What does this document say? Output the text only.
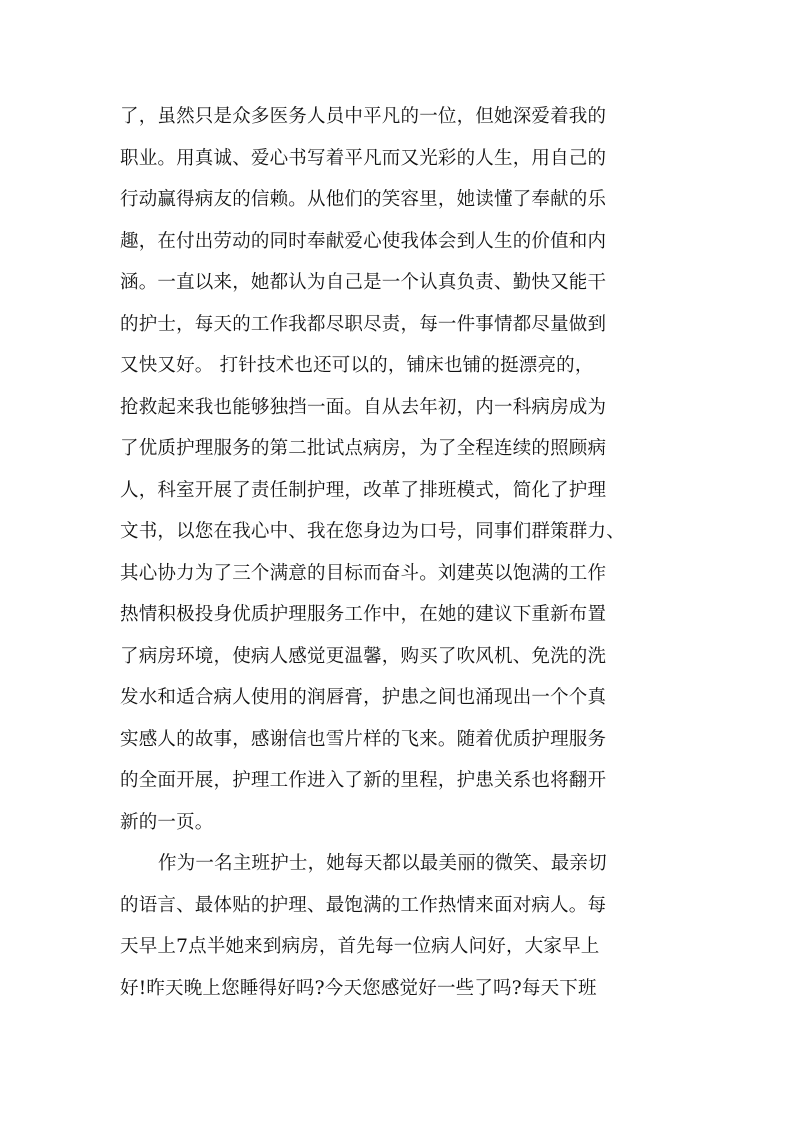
了，虽然只是众多医务人员中平凡的一位，但她深爱着我的
职业。用真诚、爱心书写着平凡而又光彩的人生，用自己的
行动赢得病友的信赖。从他们的笑容里，她读懂了奉献的乐
趣，在付出劳动的同时奉献爱心使我体会到人生的价值和内
涵。一直以来，她都认为自己是一个认真负责、勤快又能干
的护士，每天的工作我都尽职尽责，每一件事情都尽量做到
又快又好。 打针技术也还可以的，铺床也铺的挺漂亮的，
抢救起来我也能够独挡一面。自从去年初，内一科病房成为
了优质护理服务的第二批试点病房，为了全程连续的照顾病
人，科室开展了责任制护理，改革了排班模式，简化了护理
文书，以您在我心中、我在您身边为口号，同事们群策群力、
其心协力为了三个满意的目标而奋斗。刘建英以饱满的工作
热情积极投身优质护理服务工作中，在她的建议下重新布置
了病房环境，使病人感觉更温馨，购买了吹风机、免洗的洗
发水和适合病人使用的润唇膏，护患之间也涌现出一个个真
实感人的故事，感谢信也雪片样的飞来。随着优质护理服务
的全面开展，护理工作进入了新的里程，护患关系也将翻开
新的一页。
作为一名主班护士，她每天都以最美丽的微笑、最亲切
的语言、最体贴的护理、最饱满的工作热情来面对病人。每
天早上7点半她来到病房，首先每一位病人问好，大家早上
好!昨天晚上您睡得好吗?今天您感觉好一些了吗?每天下班
